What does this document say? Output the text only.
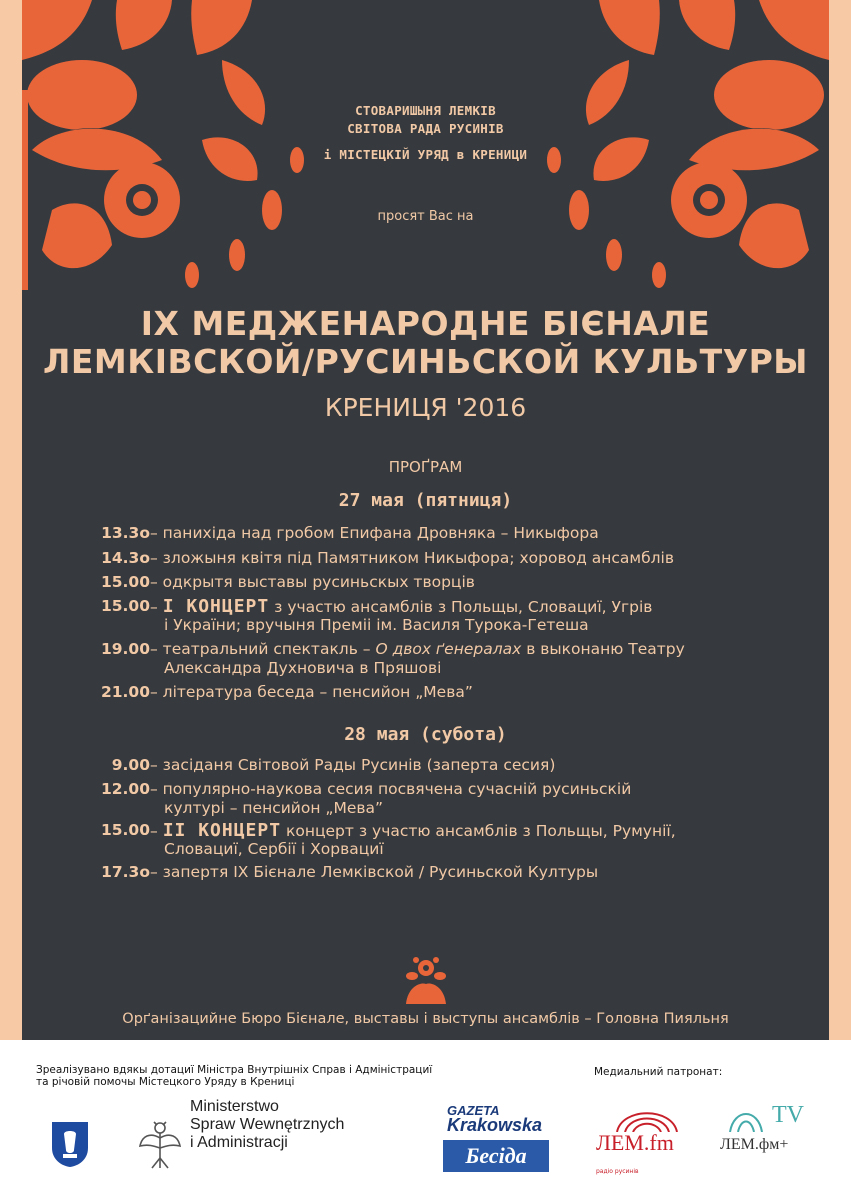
СТОВАРИШЫНЯ ЛЕМКІВ
СВІТОВА РАДА РУСИНІВ
і МІСТЕЦКІЙ УРЯД в КРЕНИЦИ
просят Вас на
IX МЕДЖЕНАРОДНЕ БІЄНАЛЕ
ЛЕМКІВСКОЙ/РУСИНЬСКОЙ КУЛЬТУРЫ
КРЕНИЦЯ '2016
ПРОҐРАМ
27 мая (пятниця)
13.3о – панихіда над гробом Епифана Дровняка – Никыфора
14.3о – зложыня квітя під Памятником Никыфора; хоровод ансамблів
15.00 – одкрытя выставы русиньскых творців
15.00 – I КОНЦЕРТ з участю ансамблів з Польщы, Словациї, Угрів
і України; вручыня Преміі ім. Василя Турока-Гетеша
19.00 – театральний спектакль – О двох ґенералах в выконаню Театру
Александра Духновича в Пряшові
21.00 – література беседа – пенсийон „Мева”
28 мая (субота)
9.00 – засіданя Світовой Рады Русинів (заперта сесия)
12.00 – популярно-наукова сесия посвячена сучасній русиньскій
културі – пенсийон „Мева”
15.00 – II КОНЦЕРТ концерт з участю ансамблів з Польщы, Румунії,
Словациї, Сербії і Хорвациї
17.3о – запертя IX Бієнале Лемківской / Русиньской Културы
Орґанізацийне Бюро Бієнале, выставы і выступы ансамблів – Головна Пияльня
Зреалізувано вдякы дотациї Міністра Внутрішніх Справ і Адміністрациї
та річовій помочы Містецкого Уряду в Крениці
Медиальний патронат:
Ministerstwo
Spraw Wewnętrznych
i Administracji
GAZETA
Krakowska
Бесіда
ЛЕМ.fm
радіо русинів
TV
ЛЕМ.фм+
